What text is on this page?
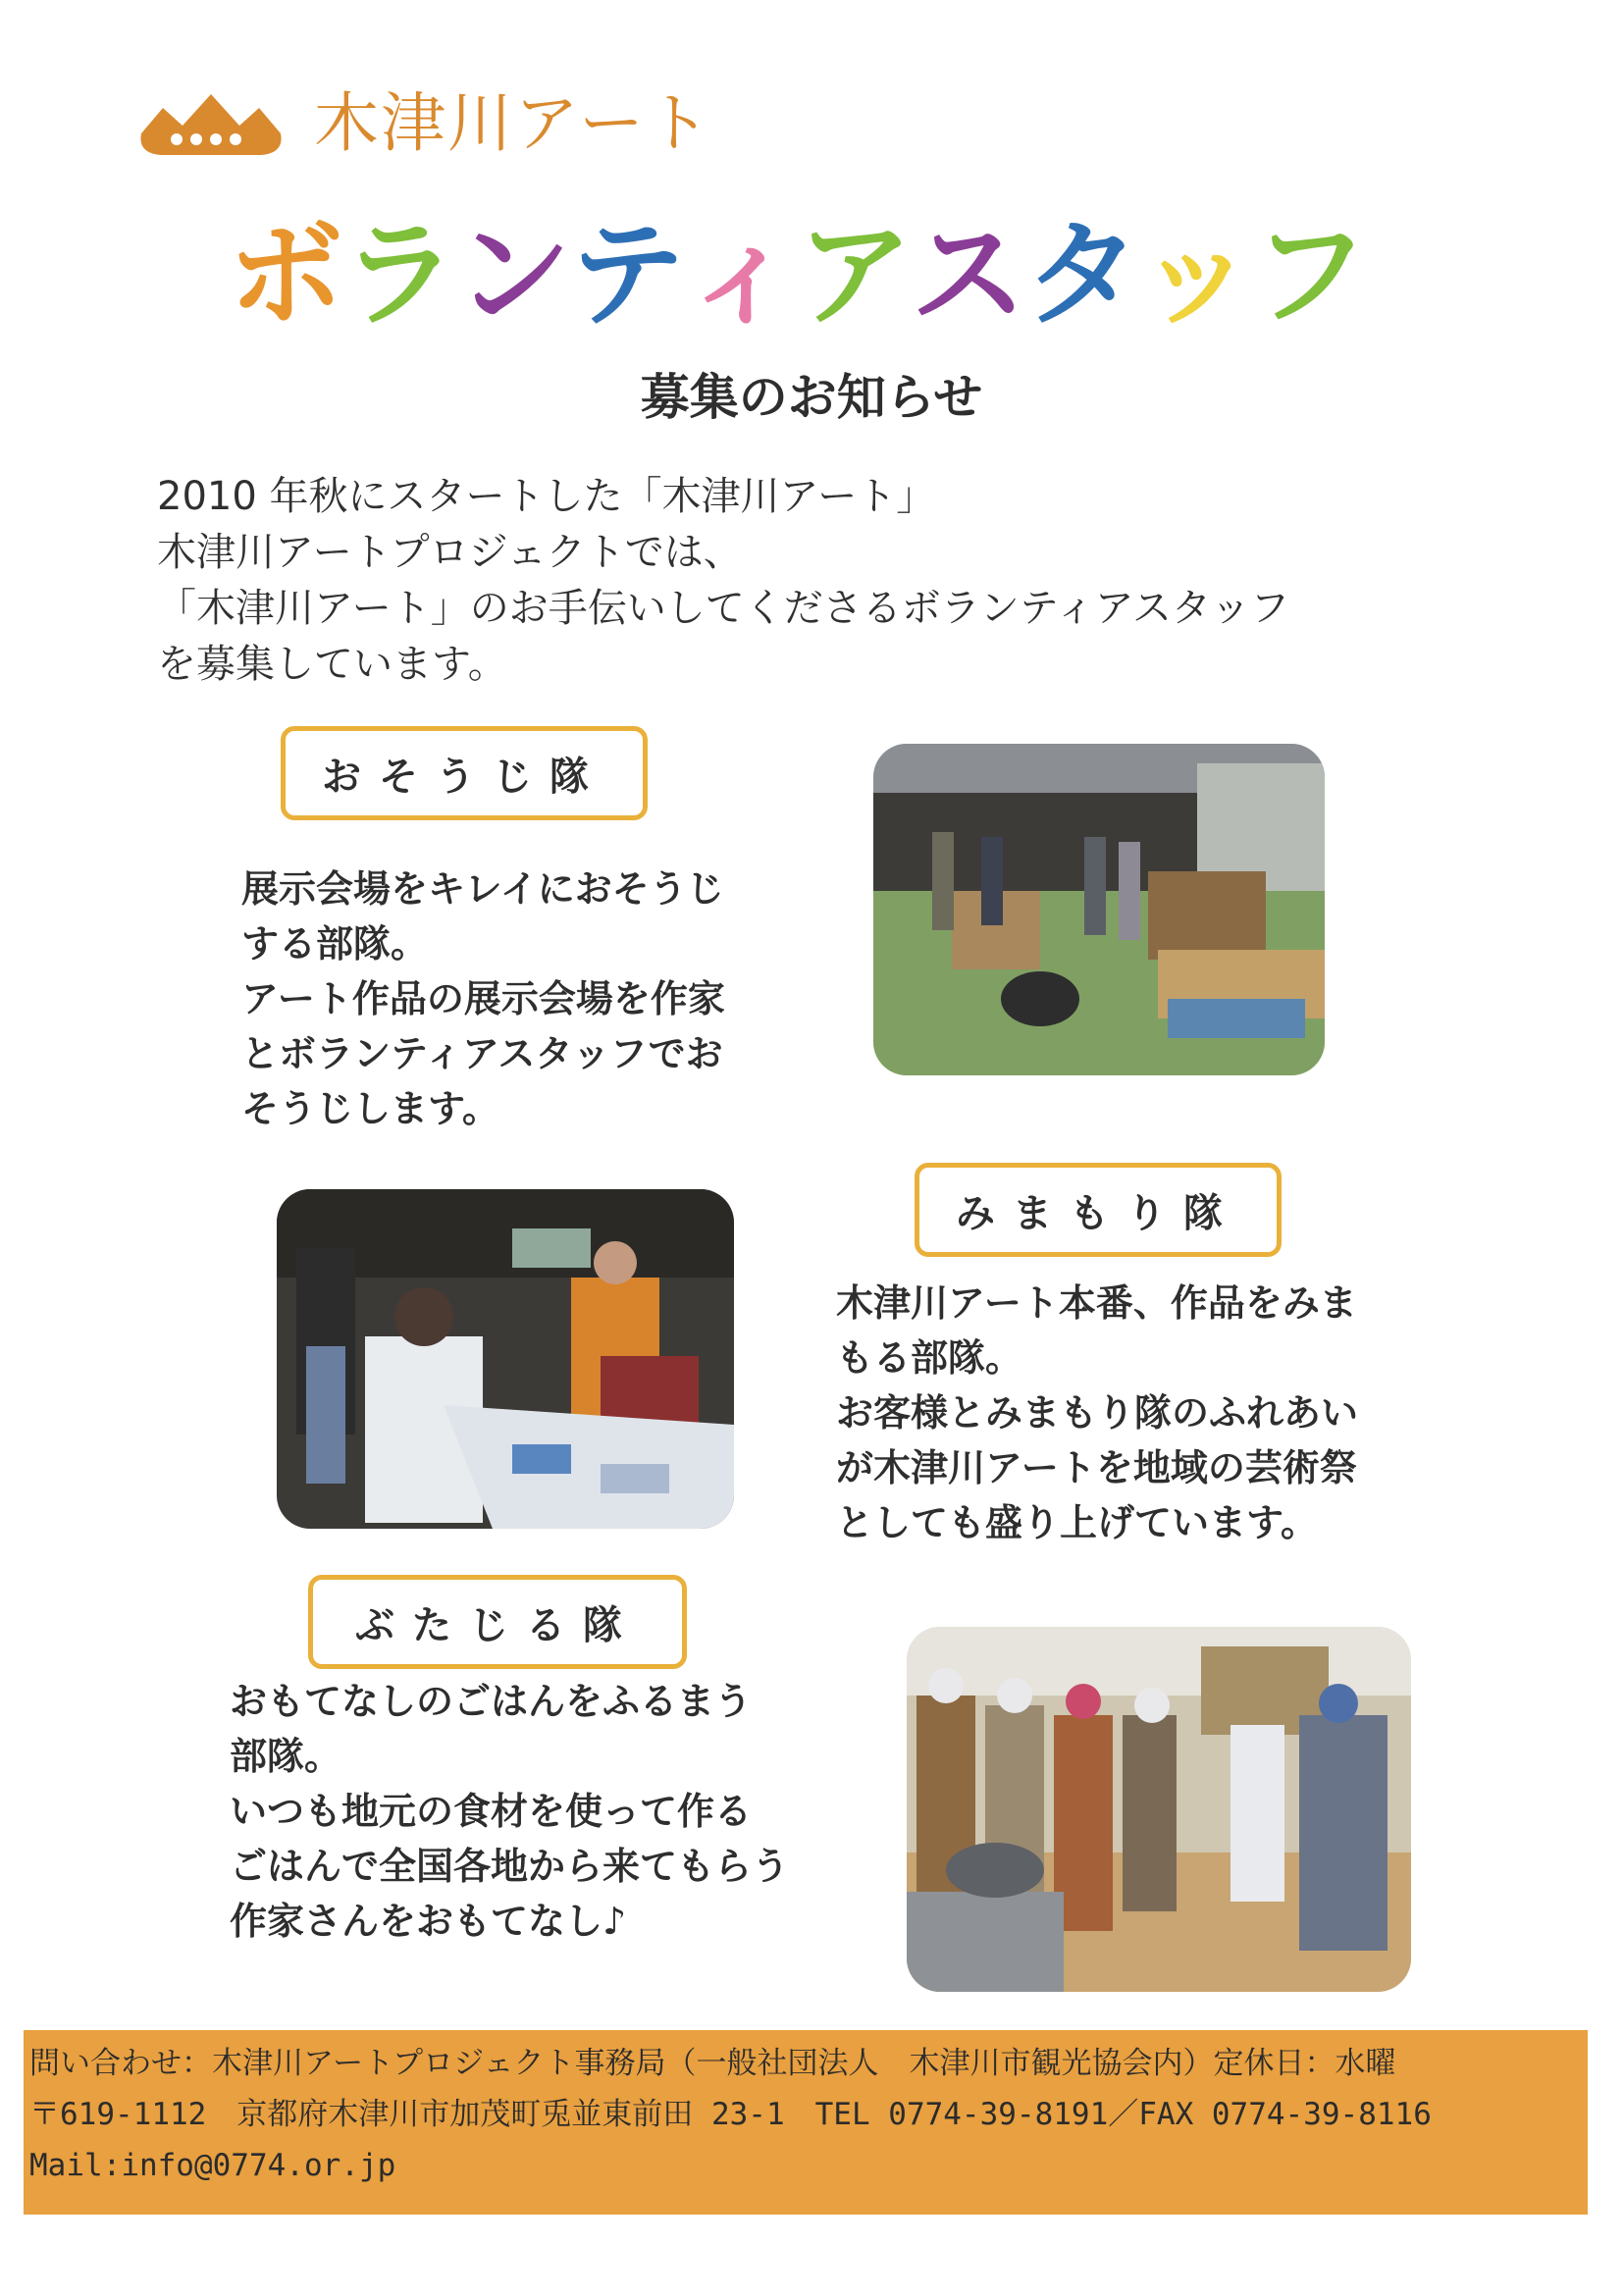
木津川アート
ボランティアスタッフ
募集のお知らせ
2010 年秋にスタートした「木津川アート」
木津川アートプロジェクトでは、
「木津川アート」のお手伝いしてくださるボランティアスタッフ
を募集しています。
おそうじ隊
展示会場をキレイにおそうじ
する部隊。
アート作品の展示会場を作家
とボランティアスタッフでお
そうじします。
みまもり隊
木津川アート本番、作品をみま
もる部隊。
お客様とみまもり隊のふれあい
が木津川アートを地域の芸術祭
としても盛り上げています。
ぶたじる隊
おもてなしのごはんをふるまう
部隊。
いつも地元の食材を使って作る
ごはんで全国各地から来てもらう
作家さんをおもてなし♪
問い合わせ：木津川アートプロジェクト事務局（一般社団法人　木津川市観光協会内）定休日：水曜
〒619-1112　京都府木津川市加茂町兎並東前田 23-1　TEL 0774-39-8191／FAX 0774-39-8116
Mail:info@0774.or.jp
